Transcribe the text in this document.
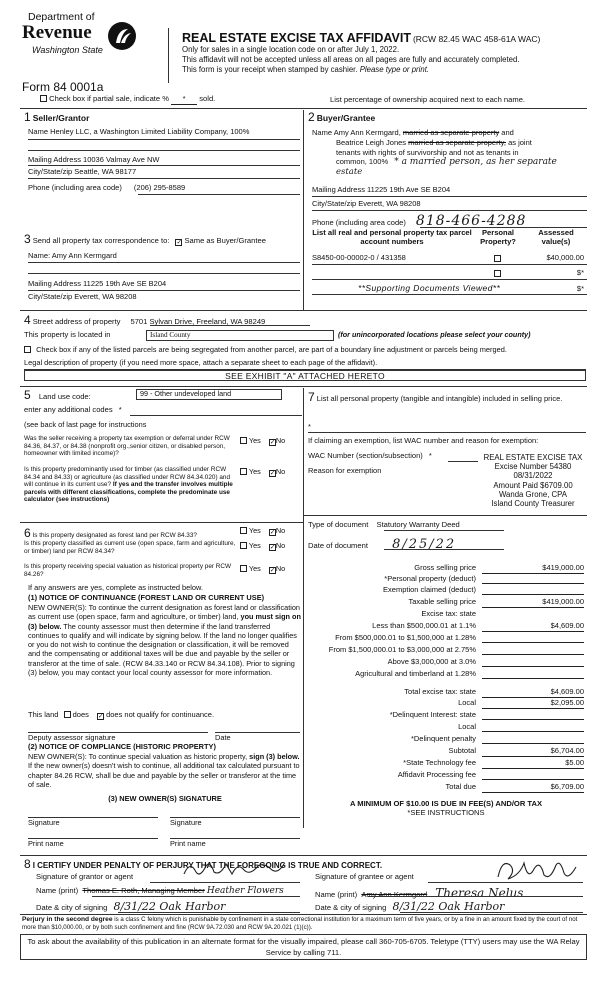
Department of
Revenue
Washington State
Form 84 0001a
REAL ESTATE EXCISE TAX AFFIDAVIT (RCW 82.45 WAC 458-61A WAC)
Only for sales in a single location code on or after July 1, 2022.
This affidavit will not be accepted unless all areas on all pages are fully and accurately completed.
This form is your receipt when stamped by cashier. Please type or print.
Check box if partial sale, indicate % * sold.	List percentage of ownership acquired next to each name.
1 Seller/Grantor
Name Henley LLC, a Washington Limited Liability Company, 100%
Mailing Address 10036 Valmay Ave NW
City/State/zip Seattle, WA 98177
Phone (including area code) (206) 295-8589
2 Buyer/Grantee
Name Amy Ann Kermgard, married as separate property and
Beatrice Leigh Jones married as separate property, as joint
tenants with rights of survivorship and not as tenants in
common, 100% * a married person, as her separate
estate
Mailing Address 11225 19th Ave SE B204
City/State/zip Everett, WA 98208
Phone (including area code) 818-466-4288
3 Send all property tax correspondence to: ✓ Same as Buyer/Grantee
Name: Amy Ann Kermgard
Mailing Address 11225 19th Ave SE B204
City/State/zip Everett, WA 98208
List all real and personal property tax parcel account numbers
Personal Property?
Assessed value(s)
S8450-00-00002-0 / 431358	$40,000.00
$*
**Supporting Documents Viewed**	$*
4 Street address of property 5701 Sylvan Drive, Freeland, WA 98249
This property is located in	Island County	(for unincorporated locations please select your county)
Check box if any of the listed parcels are being segregated from another parcel, are part of a boundary line adjustment or parcels being merged.
Legal description of property (if you need more space, attach a separate sheet to each page of the affidavit).
SEE EXHIBIT "A" ATTACHED HERETO
5 Land use code:	99 - Other undeveloped land
enter any additional codes *
(see back of last page for instructions
Was the seller receiving a property tax exemption or deferral under RCW 84.36, 84.37, or 84.38 (nonprofit org.,senior citizen, or disabled person, homeowner with limited income)?
Yes ✓No
Is this property predominantly used for timber (as classified under RCW 84.34 and 84.33) or agriculture (as classified under RCW 84.34.020) and will continue in its current use? If yes and the transfer involves multiple parcels with different classifications, complete the predominate use calculator (see instructions)
Yes ✓No
6 Is this property designated as forest land per RCW 84.33?
Yes ✓No
Is this property classified as current use (open space, farm and agriculture, or timber) land per RCW 84.34?
Yes ✓No
Is this property receiving special valuation as historical property per RCW 84.26?
Yes ✓No
If any answers are yes, complete as instructed below.
(1) NOTICE OF CONTINUANCE (FOREST LAND OR CURRENT USE)
NEW OWNER(S): To continue the current designation as forest land or classification as current use (open space, farm and agriculture, or timber) land, you must sign on (3) below. The county assessor must then determine if the land transferred continues to qualify and will indicate by signing below. If the land no longer qualifies or you do not wish to continue the designation or classification, it will be removed and the compensating or additional taxes will be due and payable by the seller or transferor at the time of sale. (RCW 84.33.140 or RCW 84.34.108). Prior to signing (3) below, you may contact your local county assessor for more information.
This land does ✓ does not qualify for continuance.
Deputy assessor signature	Date
(2) NOTICE OF COMPLIANCE (HISTORIC PROPERTY)
NEW OWNER(S): To continue special valuation as historic property, sign (3) below. If the new owner(s) doesn't wish to continue, all additional tax calculated pursuant to chapter 84.26 RCW, shall be due and payable by the seller or transferor at the time of sale.
(3) NEW OWNER(S) SIGNATURE
Signature	Signature
Print name	Print name
7 List all personal property (tangible and intangible) included in selling price.
*
If claiming an exemption, list WAC number and reason for exemption:
WAC Number (section/subsection) *
Reason for exemption
REAL ESTATE EXCISE TAX
Excise Number 54380
08/31/2022
Amount Paid $6709.00
Wanda Grone, CPA
Island County Treasurer
Type of document Statutory Warranty Deed
Date of document 8/25/22
Gross selling price	$419,000.00
*Personal property (deduct)
Exemption claimed (deduct)
Taxable selling price	$419,000.00
Excise tax: state
Less than $500,000.01 at 1.1%	$4,609.00
From $500,000.01 to $1,500,000 at 1.28%
From $1,500,000.01 to $3,000,000 at 2.75%
Above $3,000,000 at 3.0%
Agricultural and timberland at 1.28%
Total excise tax: state	$4,609.00
Local	$2,095.00
*Delinquent Interest: state
Local
*Delinquent penalty
Subtotal	$6,704.00
*State Technology fee	$5.00
Affidavit Processing fee
Total due	$6,709.00
A MINIMUM OF $10.00 IS DUE IN FEE(S) AND/OR TAX
*SEE INSTRUCTIONS
8 I CERTIFY UNDER PENALTY OF PERJURY THAT THE FOREGOING IS TRUE AND CORRECT.
Signature of grantor or agent	Signature of grantee or agent
Name (print) Thomas E. Roth, Managing Member Heather Flowers	Name (print) Amy Ann Kermgard Theresa Nelus
Date & city of signing 8/31/22 Oak Harbor	Date & city of signing 8/31/22 Oak Harbor
Perjury in the second degree is a class C felony which is punishable by confinement in a state correctional institution for a maximum term of five years, or by a fine in an amount fixed by the court of not more than $10,000.00, or by both such confinement and fine (RCW 9A.72.030 and RCW 9A.20.021 (1)(c)).
To ask about the availability of this publication in an alternate format for the visually impaired, please call 360-705-6705. Teletype (TTY) users may use the WA Relay Service by calling 711.
